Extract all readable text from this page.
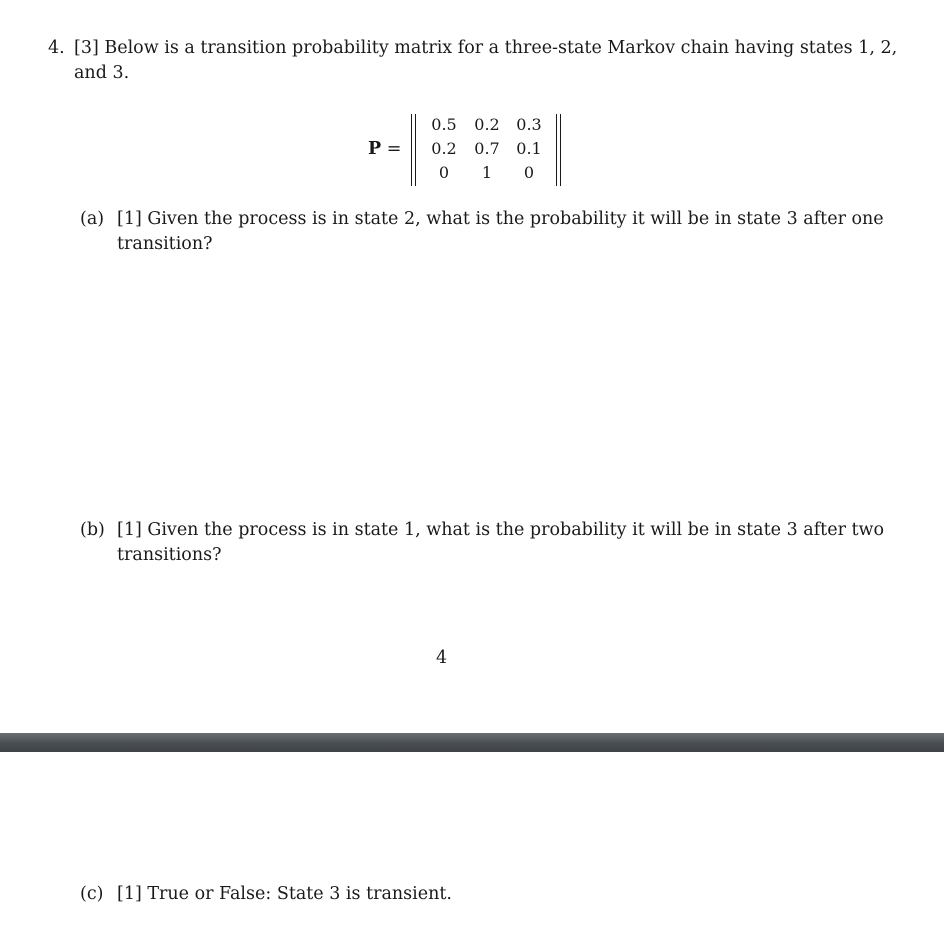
4. [3] Below is a transition probability matrix for a three-state Markov chain having states 1, 2,
and 3.
P =
0.5	0.2	0.3
0.2	0.7	0.1
0	1	0
(a) [1] Given the process is in state 2, what is the probability it will be in state 3 after one
transition?
(b) [1] Given the process is in state 1, what is the probability it will be in state 3 after two
transitions?
4
(c) [1] True or False: State 3 is transient.
